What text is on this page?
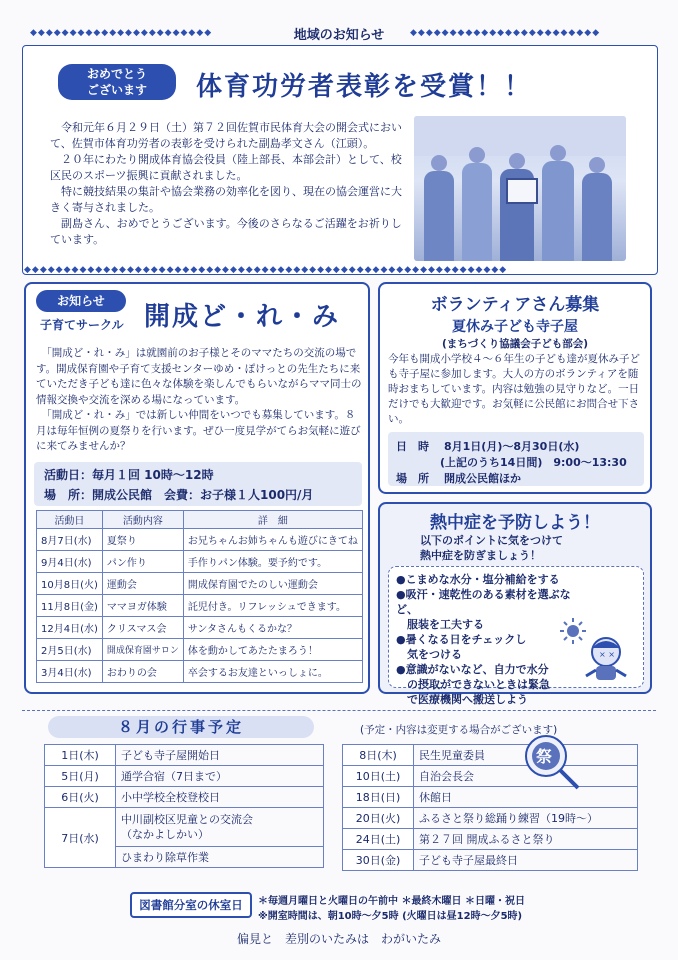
◆◆◆◆◆◆◆◆◆◆◆◆◆◆◆◆◆◆◆◆◆◆◆	地域のお知らせ	◆◆◆◆◆◆◆◆◆◆◆◆◆◆◆◆◆◆◆◆◆◆◆◆
おめでとう
ございます	体育功労者表彰を受賞！！
　令和元年６月２９日（土）第７２回佐賀市民体育大会の開会式において、佐賀市体育功労者の表彰を受けられた副島孝文さん（江頭）。
　２０年にわたり開成体育協会役員（陸上部長、本部会計）として、校区民のスポーツ振興に貢献されました。
　特に競技結果の集計や協会業務の効率化を図り、現在の協会運営に大きく寄与されました。
　副島さん、おめでとうございます。今後のさらなるご活躍をお祈りしています。
◆◆◆◆◆◆◆◆◆◆◆◆◆◆◆◆◆◆◆◆◆◆◆◆◆◆◆◆◆◆◆◆◆◆◆◆◆◆◆◆◆◆◆◆◆◆◆◆◆◆◆◆◆◆◆◆◆◆◆◆◆
お知らせ
子育てサークル 開成ど・れ・み
　「開成ど・れ・み」は就園前のお子様とそのママたちの交流の場です。開成保育園や子育て支援センターゆめ・ぽけっとの先生たちに来ていただき子ども達に色々な体験を楽しんでもらいながらママ同士の情報交換や交流を深める場になっています。
　「開成ど・れ・み」では新しい仲間をいつでも募集しています。８月は毎年恒例の夏祭りを行います。ぜひ一度見学がてらお気軽に遊びに来てみませんか？
活動日：毎月１回 10時～12時
場　所：開成公民館　会費：お子様１人100円/月
活動日	活動内容	詳　細
8月7日(水)	夏祭り	お兄ちゃんお姉ちゃんも遊びにきてね
9月4日(水)	パン作り	手作りパン体験。要予約です。
10月8日(火)	運動会	開成保育園でたのしい運動会
11月8日(金)	ママヨガ体験	託児付き。リフレッシュできます。
12月4日(水)	クリスマス会	サンタさんもくるかな？
2月5日(水)	開成保育園サロン	体を動かしてあたたまろう！
3月4日(水)	おわりの会	卒会するお友達といっしょに。
ボランティアさん募集
夏休み子ども寺子屋
(まちづくり協議会子ども部会)
今年も開成小学校４～６年生の子ども達が夏休み子ども寺子屋に参加します。大人の方のボランティアを随時おまちしています。内容は勉強の見守りなど。一日だけでも大歓迎です。お気軽に公民館にお問合せ下さい。
日　時 8月1日(月)～8月30日(水)
(上記のうち14日間)　9:00～13:30
場　所 開成公民館ほか
熱中症を予防しよう！
以下のポイントに気をつけて
熱中症を防ぎましょう！
●こまめな水分・塩分補給をする
●吸汗・速乾性のある素材を選ぶなど、
　服装を工夫する
●暑くなる日をチェックし
　気をつける
●意識がないなど、自力で水分
　の摂取ができないときは緊急
　で医療機関へ搬送しよう
× ×
８月の行事予定	(予定・内容は変更する場合がございます)
1日(木)	子ども寺子屋開始日
5日(月)	通学合宿（7日まで）
6日(火)	小中学校全校登校日
7日(水)	中川副校区児童との交流会
（なかよしかい）
	ひまわり除草作業
8日(木)	民生児童委員
10日(土)	自治会長会
18日(日)	休館日
20日(火)	ふるさと祭り総踊り練習（19時～）
24日(土)	第２７回 開成ふるさと祭り
30日(金)	子ども寺子屋最終日
祭
図書館分室の休室日	＊毎週月曜日と火曜日の午前中 ＊最終木曜日 ＊日曜・祝日
※開室時間は、朝10時～夕5時 (火曜日は昼12時～夕5時)
偏見と　差別のいたみは　わがいたみ
